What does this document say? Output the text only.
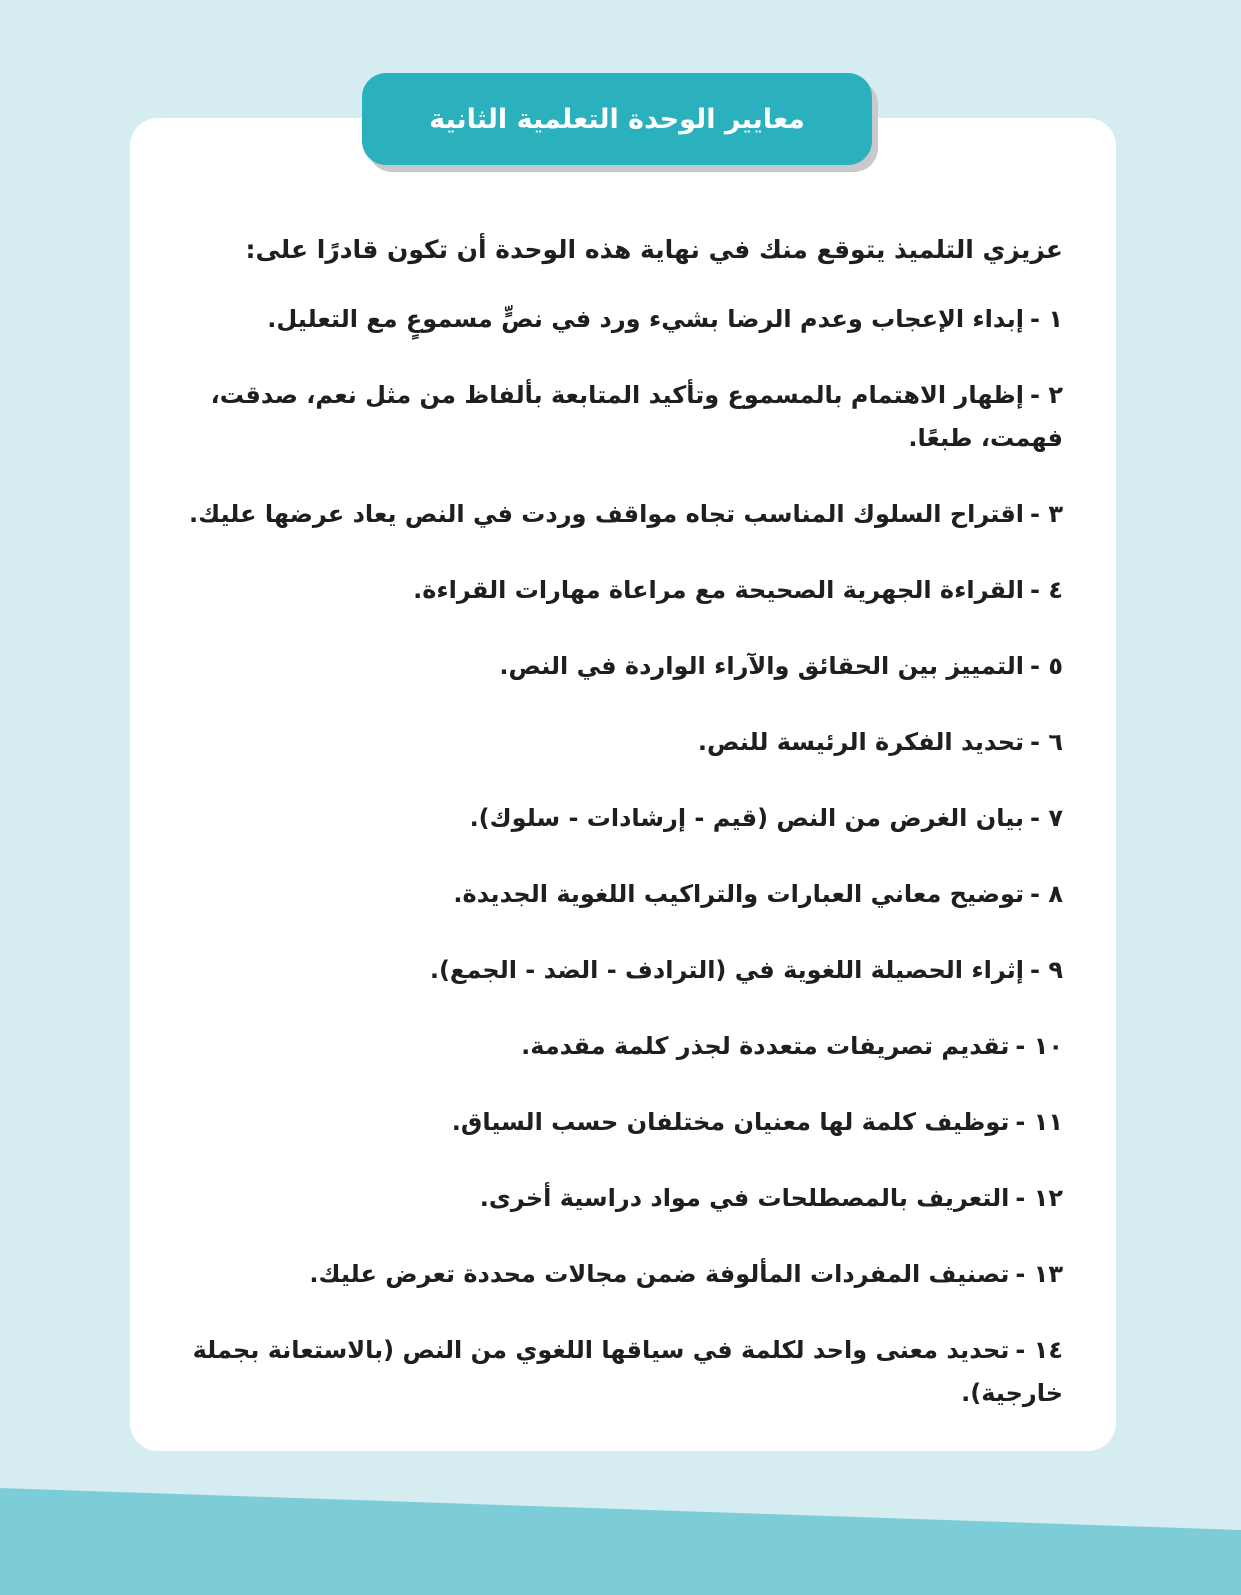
معايير الوحدة التعلمية الثانية

عزيزي التلميذ يتوقع منك في نهاية هذه الوحدة أن تكون قادرًا على:

١ -إبداء الإعجاب وعدم الرضا بشيء ورد في نصٍّ مسموعٍ مع التعليل.
٢ -إظهار الاهتمام بالمسموع وتأكيد المتابعة بألفاظ من مثل نعم، صدقت، فهمت، طبعًا.
٣ -اقتراح السلوك المناسب تجاه مواقف وردت في النص يعاد عرضها عليك.
٤ -القراءة الجهرية الصحيحة مع مراعاة مهارات القراءة.
٥ -التمييز بين الحقائق والآراء الواردة في النص.
٦ -تحديد الفكرة الرئيسة للنص.
٧ -بيان الغرض من النص (قيم - إرشادات - سلوك).
٨ -توضيح معاني العبارات والتراكيب اللغوية الجديدة.
٩ -إثراء الحصيلة اللغوية في (الترادف - الضد - الجمع).
١٠ -تقديم تصريفات متعددة لجذر كلمة مقدمة.
١١ -توظيف كلمة لها معنيان مختلفان حسب السياق.
١٢ -التعريف بالمصطلحات في مواد دراسية أخرى.
١٣ -تصنيف المفردات المألوفة ضمن مجالات محددة تعرض عليك.
١٤ -تحديد معنى واحد لكلمة في سياقها اللغوي من النص (بالاستعانة بجملة خارجية).
